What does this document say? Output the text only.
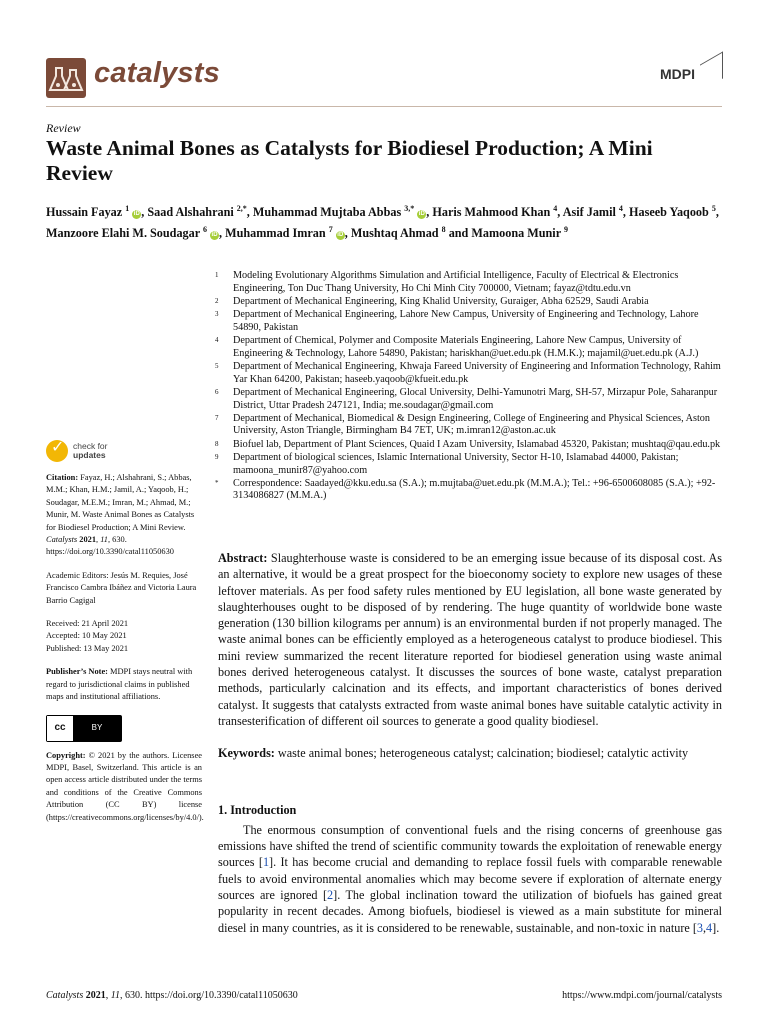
catalysts	MDPI
Review
Waste Animal Bones as Catalysts for Biodiesel Production; A Mini Review
Hussain Fayaz $^1$ iD , Saad Alshahrani $^{2,*}$, Muhammad Mujtaba Abbas $^{3,*}$ iD , Haris Mahmood Khan $^4$, Asif Jamil $^4$, Haseeb Yaqoob $^5$, Manzoore Elahi M. Soudagar $^6$ iD , Muhammad Imran $^7$ iD , Mushtaq Ahmad $^8$ and Mamoona Munir $^9$
1 Modeling Evolutionary Algorithms Simulation and Artificial Intelligence, Faculty of Electrical & Electronics Engineering, Ton Duc Thang University, Ho Chi Minh City 700000, Vietnam; fayaz@tdtu.edu.vn
2 Department of Mechanical Engineering, King Khalid University, Guraiger, Abha 62529, Saudi Arabia
3 Department of Mechanical Engineering, Lahore New Campus, University of Engineering and Technology, Lahore 54890, Pakistan
4 Department of Chemical, Polymer and Composite Materials Engineering, Lahore New Campus, University of Engineering & Technology, Lahore 54890, Pakistan; hariskhan@uet.edu.pk (H.M.K.); majamil@uet.edu.pk (A.J.)
5 Department of Mechanical Engineering, Khwaja Fareed University of Engineering and Information Technology, Rahim Yar Khan 64200, Pakistan; haseeb.yaqoob@kfueit.edu.pk
6 Department of Mechanical Engineering, Glocal University, Delhi-Yamunotri Marg, SH-57, Mirzapur Pole, Saharanpur District, Uttar Pradesh 247121, India; me.soudagar@gmail.com
7 Department of Mechanical, Biomedical & Design Engineering, College of Engineering and Physical Sciences, Aston University, Aston Triangle, Birmingham B4 7ET, UK; m.imran12@aston.ac.uk
8 Biofuel lab, Department of Plant Sciences, Quaid I Azam University, Islamabad 45320, Pakistan; mushtaq@qau.edu.pk
9 Department of biological sciences, Islamic International University, Sector H-10, Islamabad 44000, Pakistan; mamoona_munir87@yahoo.com
* Correspondence: Saadayed@kku.edu.sa (S.A.); m.mujtaba@uet.edu.pk (M.M.A.); Tel.: +96-6500608085 (S.A.); +92-3134086827 (M.M.A.)
✓
check for
updates
Citation: Fayaz, H.; Alshahrani, S.; Abbas, M.M.; Khan, H.M.; Jamil, A.; Yaqoob, H.; Soudagar, M.E.M.; Imran, M.; Ahmad, M.; Munir, M. Waste Animal Bones as Catalysts for Biodiesel Production; A Mini Review. Catalysts 2021, 11, 630. https://doi.org/10.3390/catal11050630
Academic Editors: Jesús M. Requies, José Francisco Cambra Ibáñez and Victoria Laura Barrio Cagigal
Received: 21 April 2021
Accepted: 10 May 2021
Published: 13 May 2021
Publisher’s Note: MDPI stays neutral with regard to jurisdictional claims in published maps and institutional affiliations.
cc	BY
Copyright: © 2021 by the authors. Licensee MDPI, Basel, Switzerland. This article is an open access article distributed under the terms and conditions of the Creative Commons Attribution (CC BY) license (https://creativecommons.org/licenses/by/4.0/).
Abstract: Slaughterhouse waste is considered to be an emerging issue because of its disposal cost. As an alternative, it would be a great prospect for the bioeconomy society to explore new usages of these leftover materials. As per food safety rules mentioned by EU legislation, all bone waste generated by slaughterhouses ought to be disposed of by rendering. The huge quantity of worldwide bone waste generation (130 billion kilograms per annum) is an environmental burden if not properly managed. The waste animal bones can be efficiently employed as a heterogeneous catalyst to produce biodiesel. This mini review summarized the recent literature reported for biodiesel generation using waste animal bones derived heterogeneous catalyst. It discusses the sources of bone waste, catalyst preparation methods, particularly calcination and its effects, and important characteristics of bones derived catalyst. It suggests that catalysts extracted from waste animal bones have suitable catalytic activity in transesterification of different oil sources to generate a good quality biodiesel.
Keywords: waste animal bones; heterogeneous catalyst; calcination; biodiesel; catalytic activity
1. Introduction
The enormous consumption of conventional fuels and the rising concerns of greenhouse gas emissions have shifted the trend of scientific community towards the exploitation of renewable energy sources [1]. It has become crucial and demanding to replace fossil fuels with comparable renewable fuels to avoid environmental anomalies which may become severe if exploration of alternate energy sources are ignored [2]. The global inclination toward the utilization of biofuels has gained great popularity in recent decades. Among biofuels, biodiesel is viewed as a main substitute for mineral diesel in many countries, as it is considered to be renewable, sustainable, and non-toxic in nature [3,4].
Catalysts 2021, 11, 630. https://doi.org/10.3390/catal11050630	https://www.mdpi.com/journal/catalysts
